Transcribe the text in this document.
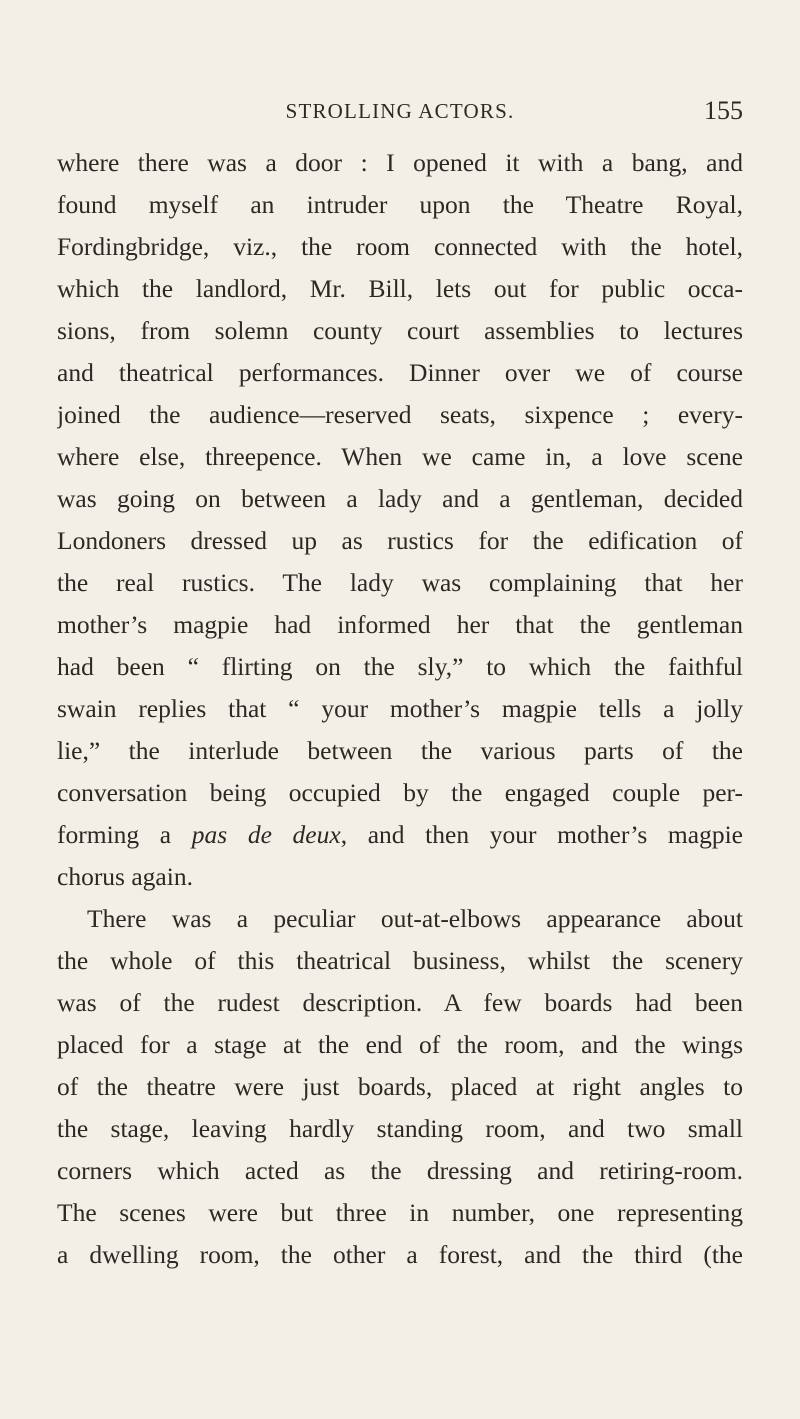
STROLLING ACTORS.	155
where there was a door : I opened it with a bang, and
found myself an intruder upon the Theatre Royal,
Fordingbridge, viz., the room connected with the hotel,
which the landlord, Mr. Bill, lets out for public occa-
sions, from solemn county court assemblies to lectures
and theatrical performances. Dinner over we of course
joined the audience—reserved seats, sixpence ; every-
where else, threepence. When we came in, a love scene
was going on between a lady and a gentleman, decided
Londoners dressed up as rustics for the edification of
the real rustics. The lady was complaining that her
mother’s magpie had informed her that the gentleman
had been “ flirting on the sly,” to which the faithful
swain replies that “ your mother’s magpie tells a jolly
lie,” the interlude between the various parts of the
conversation being occupied by the engaged couple per-
forming a pas de deux, and then your mother’s magpie
chorus again.
There was a peculiar out-at-elbows appearance about
the whole of this theatrical business, whilst the scenery
was of the rudest description. A few boards had been
placed for a stage at the end of the room, and the wings
of the theatre were just boards, placed at right angles to
the stage, leaving hardly standing room, and two small
corners which acted as the dressing and retiring-room.
The scenes were but three in number, one representing
a dwelling room, the other a forest, and the third (the
